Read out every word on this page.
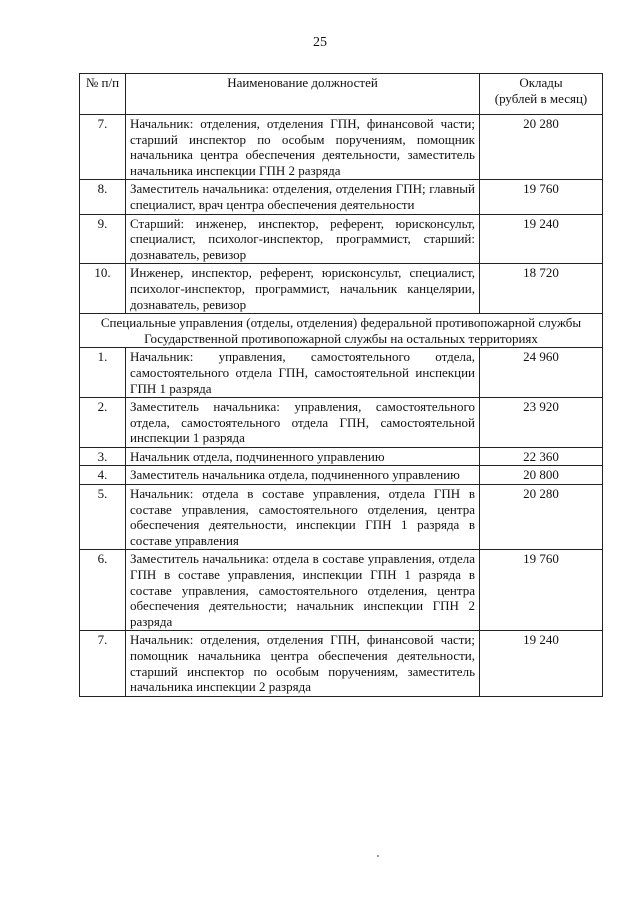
25
№ п/п	Наименование должностей	Оклады
(рублей в месяц)
7.	Начальник: отделения, отделения ГПН, финансовой части; старший инспектор по особым поручениям, помощник начальника центра обеспечения деятельности, заместитель начальника инспекции ГПН 2 разряда	20 280
8.	Заместитель начальника: отделения, отделения ГПН; главный специалист, врач центра обеспечения деятельности	19 760
9.	Старший: инженер, инспектор, референт, юрисконсульт, специалист, психолог-инспектор, программист, старший: дознаватель, ревизор	19 240
10.	Инженер, инспектор, референт, юрисконсульт, специалист, психолог-инспектор, программист, начальник канцелярии, дознаватель, ревизор	18 720
Специальные управления (отделы, отделения) федеральной противопожарной службы Государственной противопожарной службы на остальных территориях		
1.	Начальник: управления, самостоятельного отдела, самостоятельного отдела ГПН, самостоятельной инспекции ГПН 1 разряда	24 960
2.	Заместитель начальника: управления, самостоятельного отдела, самостоятельного отдела ГПН, самостоятельной инспекции 1 разряда	23 920
3.	Начальник отдела, подчиненного управлению	22 360
4.	Заместитель начальника отдела, подчиненного управлению	20 800
5.	Начальник: отдела в составе управления, отдела ГПН в составе управления, самостоятельного отделения, центра обеспечения деятельности, инспекции ГПН 1 разряда в составе управления	20 280
6.	Заместитель начальника: отдела в составе управления, отдела ГПН в составе управления, инспекции ГПН 1 разряда в составе управления, самостоятельного отделения, центра обеспечения деятельности; начальник инспекции ГПН 2 разряда	19 760
7.	Начальник: отделения, отделения ГПН, финансовой части; помощник начальника центра обеспечения деятельности, старший инспектор по особым поручениям, заместитель начальника инспекции 2 разряда	19 240
